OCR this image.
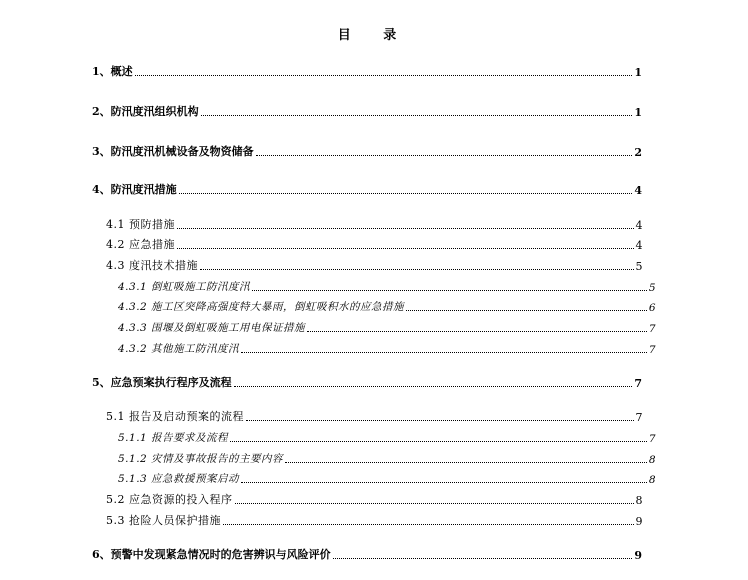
目 录
1、概述	1
2、防汛度汛组织机构	1
3、防汛度汛机械设备及物资储备	2
4、防汛度汛措施	4
4.1 预防措施	4
4.2 应急措施	4
4.3 度汛技术措施	5
4.3.1 倒虹吸施工防汛度汛	5
4.3.2 施工区突降高强度特大暴雨，倒虹吸积水的应急措施	6
4.3.3 围堰及倒虹吸施工用电保证措施	7
4.3.2 其他施工防汛度汛	7
5、应急预案执行程序及流程	7
5.1 报告及启动预案的流程	7
5.1.1 报告要求及流程	7
5.1.2 灾情及事故报告的主要内容	8
5.1.3 应急救援预案启动	8
5.2 应急资源的投入程序	8
5.3 抢险人员保护措施	9
6、预警中发现紧急情况时的危害辨识与风险评价	9
